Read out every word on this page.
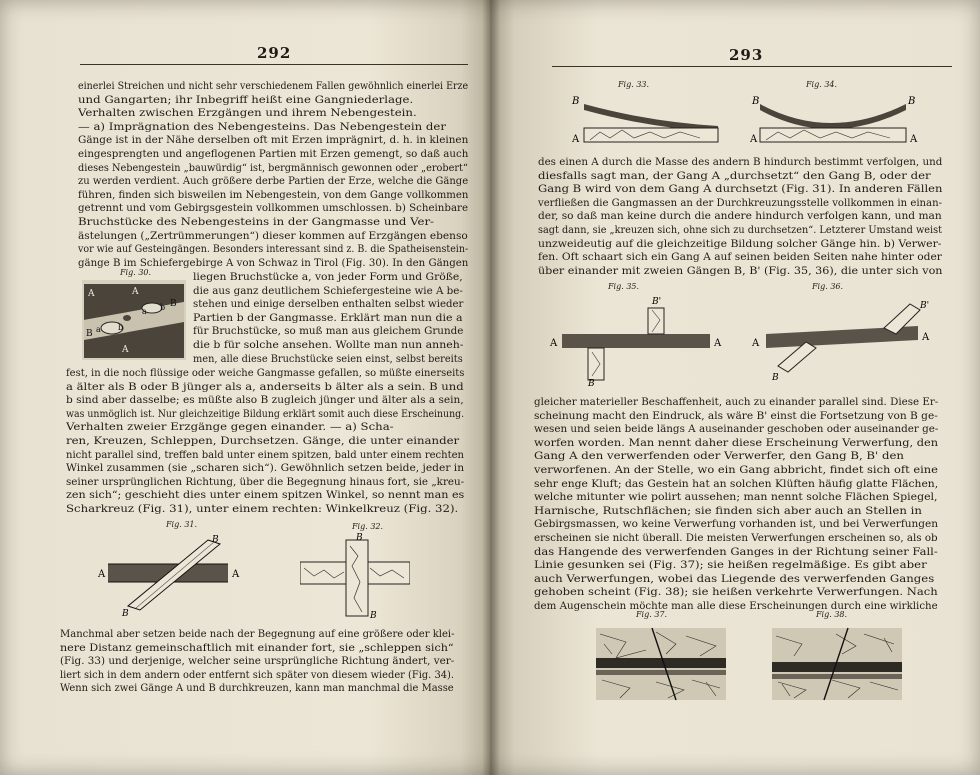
292
einerlei Streichen und nicht sehr verschiedenem Fallen gewöhnlich einerlei Erze
und Gangarten; ihr Inbegriff heißt eine Gangniederlage.
Verhalten zwischen Erzgängen und ihrem Nebengestein.
— a) Imprägnation des Nebengesteins. Das Nebengestein der
Gänge ist in der Nähe derselben oft mit Erzen imprägnirt, d. h. in kleinen
eingesprengten und angeflogenen Partien mit Erzen gemengt, so daß auch
dieses Nebengestein „bauwürdig“ ist, bergmännisch gewonnen oder „erobert“
zu werden verdient. Auch größere derbe Partien der Erze, welche die Gänge
führen, finden sich bisweilen im Nebengestein, von dem Gange vollkommen
getrennt und vom Gebirgsgestein vollkommen umschlossen. b) Scheinbare
Bruchstücke des Nebengesteins in der Gangmasse und Ver-
ästelungen („Zertrümmerungen“) dieser kommen auf Erzgängen ebenso
vor wie auf Gesteingängen. Besonders interessant sind z. B. die Spatheisenstein-
gänge B im Schiefergebirge A von Schwaz in Tirol (Fig. 30). In den Gängen
Fig. 30.
A	A
A
a
a
b
b
B
B
liegen Bruchstücke a, von jeder Form und Größe,
die aus ganz deutlichem Schiefergesteine wie A be-
stehen und einige derselben enthalten selbst wieder
Partien b der Gangmasse. Erklärt man nun die a
für Bruchstücke, so muß man aus gleichem Grunde
die b für solche ansehen. Wollte man nun anneh-
men, alle diese Bruchstücke seien einst, selbst bereits
fest, in die noch flüssige oder weiche Gangmasse gefallen, so müßte einerseits
a älter als B oder B jünger als a, anderseits b älter als a sein. B und
b sind aber dasselbe; es müßte also B zugleich jünger und älter als a sein,
was unmöglich ist. Nur gleichzeitige Bildung erklärt somit auch diese Erscheinung.
Verhalten zweier Erzgänge gegen einander. — a) Scha-
ren, Kreuzen, Schleppen, Durchsetzen. Gänge, die unter einander
nicht parallel sind, treffen bald unter einem spitzen, bald unter einem rechten
Winkel zusammen (sie „scharen sich“). Gewöhnlich setzen beide, jeder in
seiner ursprünglichen Richtung, über die Begegnung hinaus fort, sie „kreu-
zen sich“; geschieht dies unter einem spitzen Winkel, so nennt man es
Scharkreuz (Fig. 31), unter einem rechten: Winkelkreuz (Fig. 32).
Fig. 31.
A	A
B
B
Fig. 32.
B
B
Manchmal aber setzen beide nach der Begegnung auf eine größere oder klei-
nere Distanz gemeinschaftlich mit einander fort, sie „schleppen sich“
(Fig. 33) und derjenige, welcher seine ursprüngliche Richtung ändert, ver-
liert sich in dem andern oder entfernt sich später von diesem wieder (Fig. 34).
Wenn sich zwei Gänge A und B durchkreuzen, kann man manchmal die Masse
293
Fig. 33.
B
A
Fig. 34.
B	B
A	A
des einen A durch die Masse des andern B hindurch bestimmt verfolgen, und
diesfalls sagt man, der Gang A „durchsetzt“ den Gang B, oder der
Gang B wird von dem Gang A durchsetzt (Fig. 31). In anderen Fällen
verfließen die Gangmassen an der Durchkreuzungsstelle vollkommen in einan-
der, so daß man keine durch die andere hindurch verfolgen kann, und man
sagt dann, sie „kreuzen sich, ohne sich zu durchsetzen“. Letzterer Umstand weist
unzweideutig auf die gleichzeitige Bildung solcher Gänge hin. b) Verwer-
fen. Oft schaart sich ein Gang A auf seinen beiden Seiten nahe hinter oder
über einander mit zweien Gängen B, B' (Fig. 35, 36), die unter sich von
Fig. 35.
B'
A	A
B
Fig. 36.
B'
A
A
B
gleicher materieller Beschaffenheit, auch zu einander parallel sind. Diese Er-
scheinung macht den Eindruck, als wäre B' einst die Fortsetzung von B ge-
wesen und seien beide längs A auseinander geschoben oder auseinander ge-
worfen worden. Man nennt daher diese Erscheinung Verwerfung, den
Gang A den verwerfenden oder Verwerfer, den Gang B, B' den
verworfenen. An der Stelle, wo ein Gang abbricht, findet sich oft eine
sehr enge Kluft; das Gestein hat an solchen Klüften häufig glatte Flächen,
welche mitunter wie polirt aussehen; man nennt solche Flächen Spiegel,
Harnische, Rutschflächen; sie finden sich aber auch an Stellen in
Gebirgsmassen, wo keine Verwerfung vorhanden ist, und bei Verwerfungen
erscheinen sie nicht überall. Die meisten Verwerfungen erscheinen so, als ob
das Hangende des verwerfenden Ganges in der Richtung seiner Fall-
Linie gesunken sei (Fig. 37); sie heißen regelmäßige. Es gibt aber
auch Verwerfungen, wobei das Liegende des verwerfenden Ganges
gehoben scheint (Fig. 38); sie heißen verkehrte Verwerfungen. Nach
dem Augenschein möchte man alle diese Erscheinungen durch eine wirkliche
Fig. 37.	Fig. 38.
